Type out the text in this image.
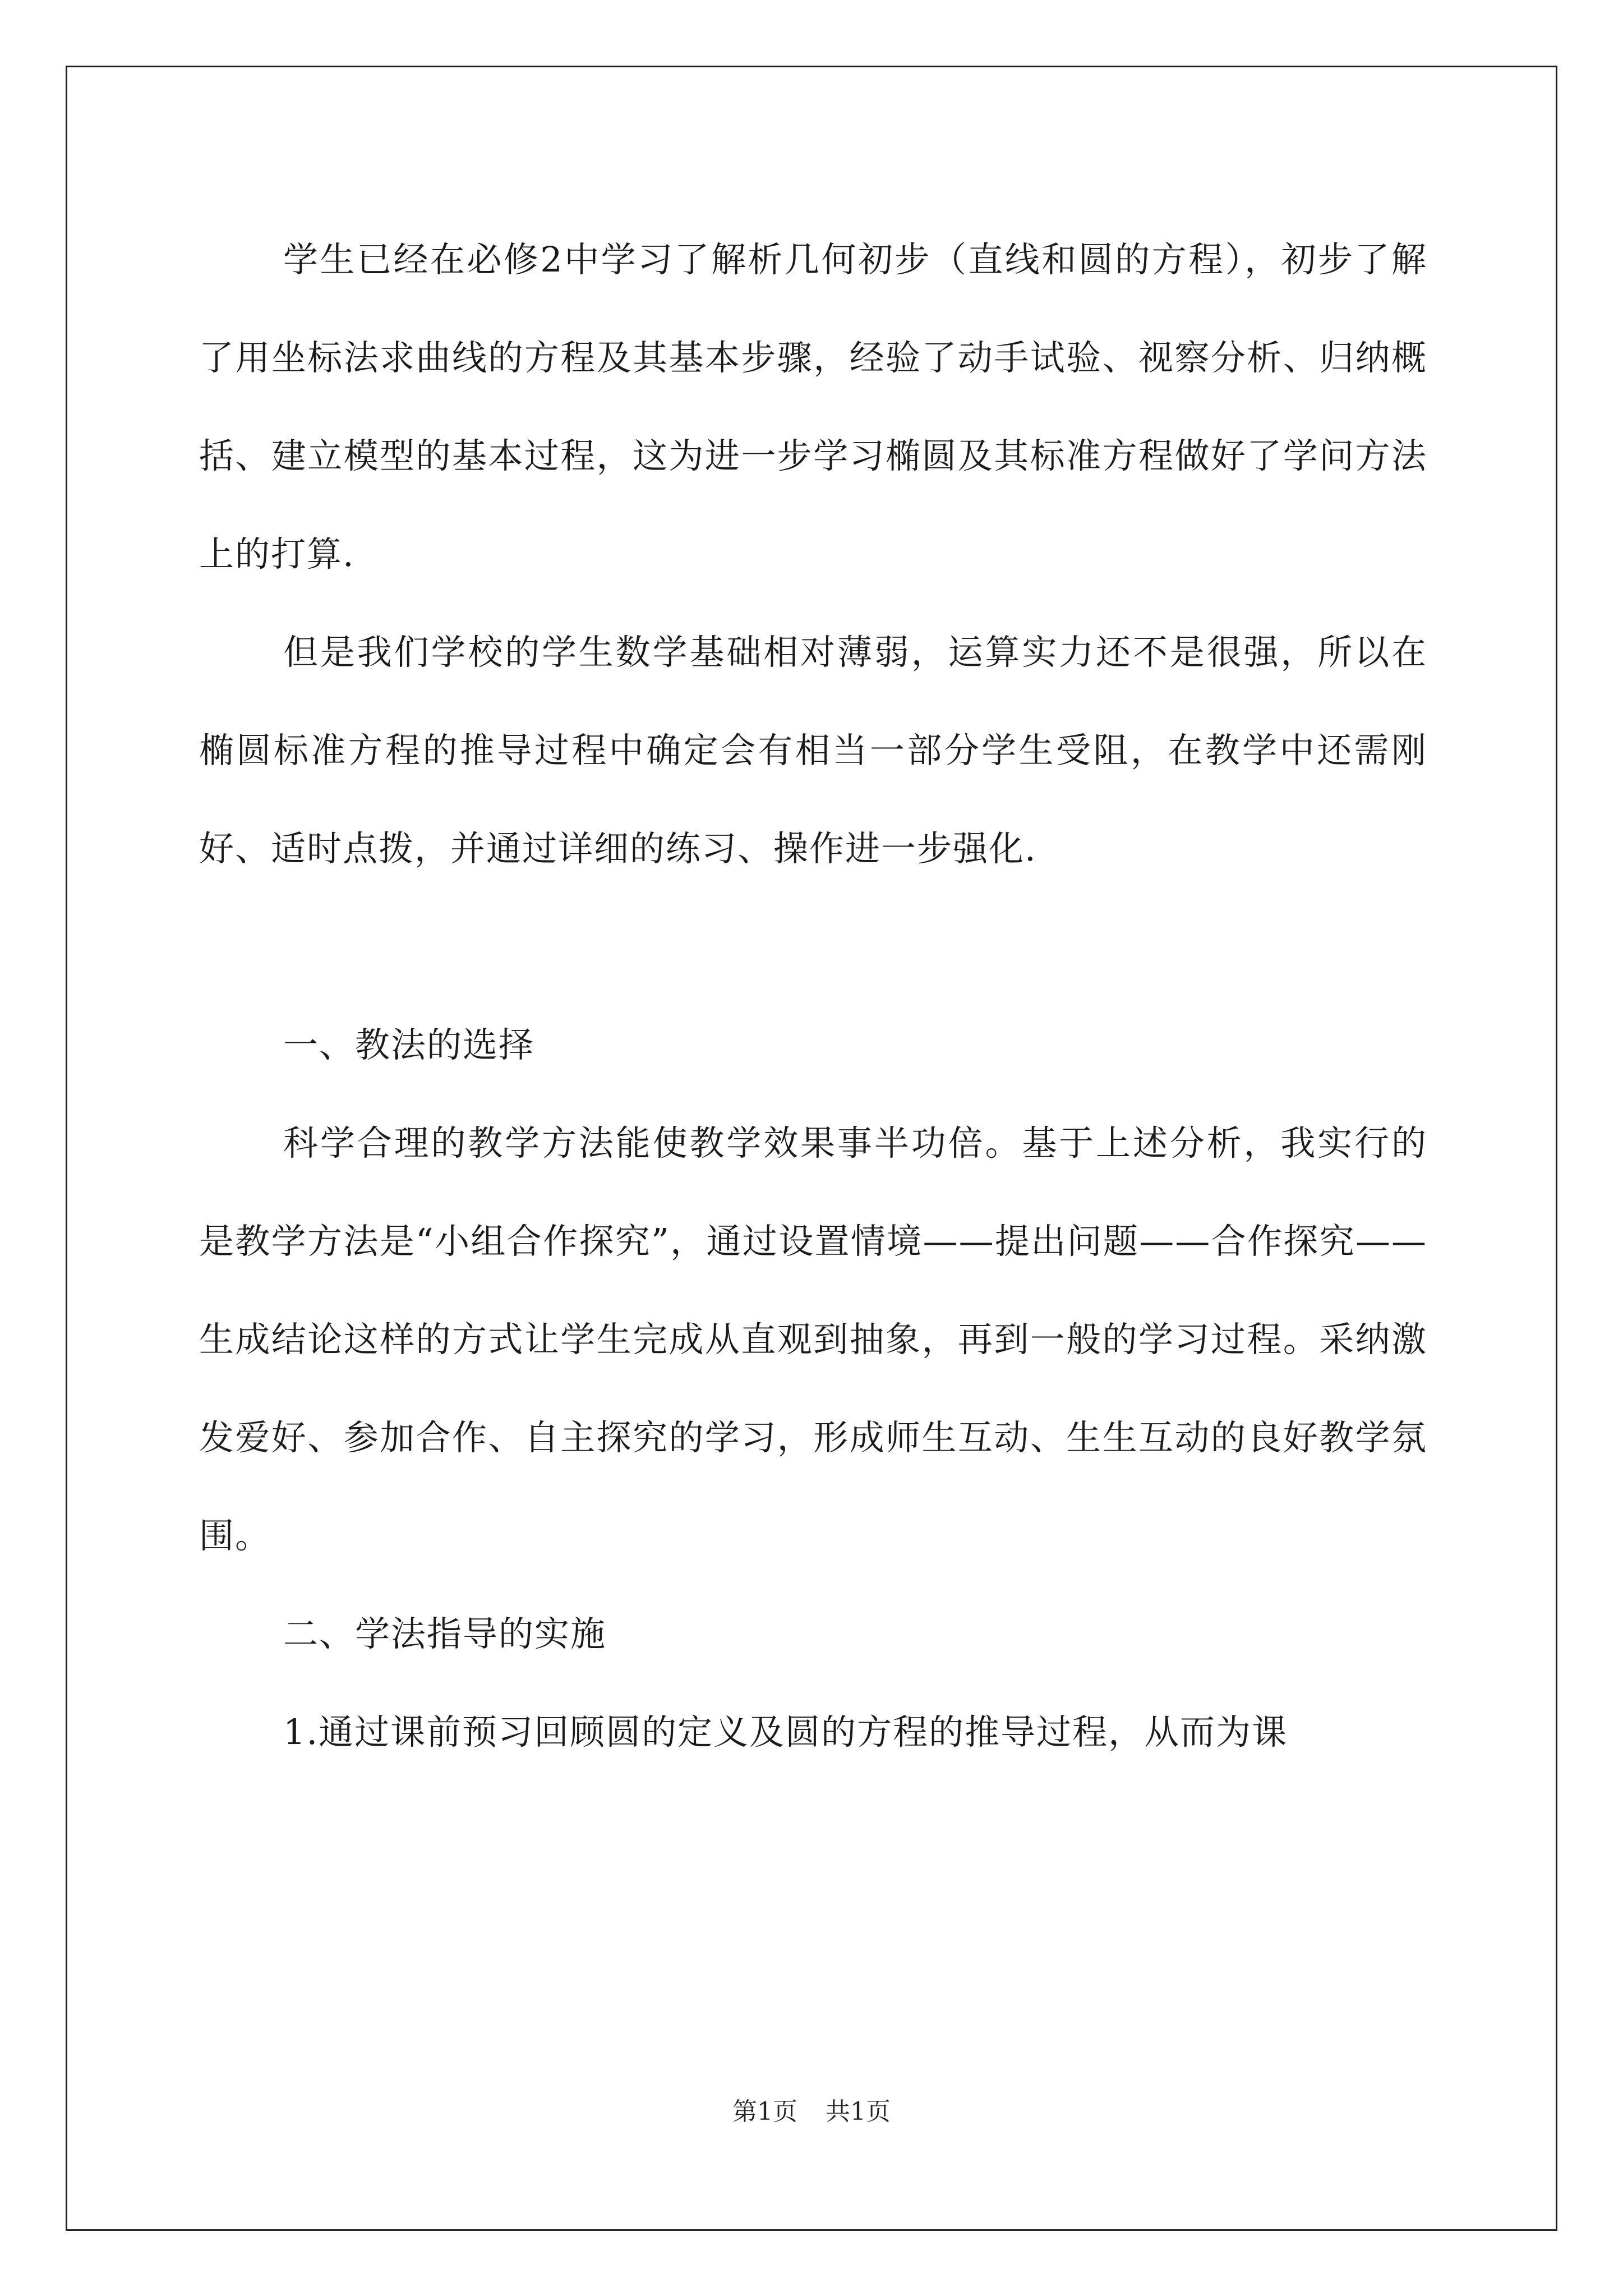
学生已经在必修2中学习了解析几何初步（直线和圆的方程），初步了解了用坐标法求曲线的方程及其基本步骤，经验了动手试验、视察分析、归纳概括、建立模型的基本过程，这为进一步学习椭圆及其标准方程做好了学问方法上的打算.

但是我们学校的学生数学基础相对薄弱，运算实力还不是很强，所以在椭圆标准方程的推导过程中确定会有相当一部分学生受阻，在教学中还需刚好、适时点拨，并通过详细的练习、操作进一步强化.

一、教法的选择

科学合理的教学方法能使教学效果事半功倍。基于上述分析，我实行的是教学方法是“小组合作探究”，通过设置情境——提出问题——合作探究——生成结论这样的方式让学生完成从直观到抽象，再到一般的学习过程。采纳激发爱好、参加合作、自主探究的学习，形成师生互动、生生互动的良好教学氛围。

二、学法指导的实施

1.通过课前预习回顾圆的定义及圆的方程的推导过程，从而为课

第1页 共1页
